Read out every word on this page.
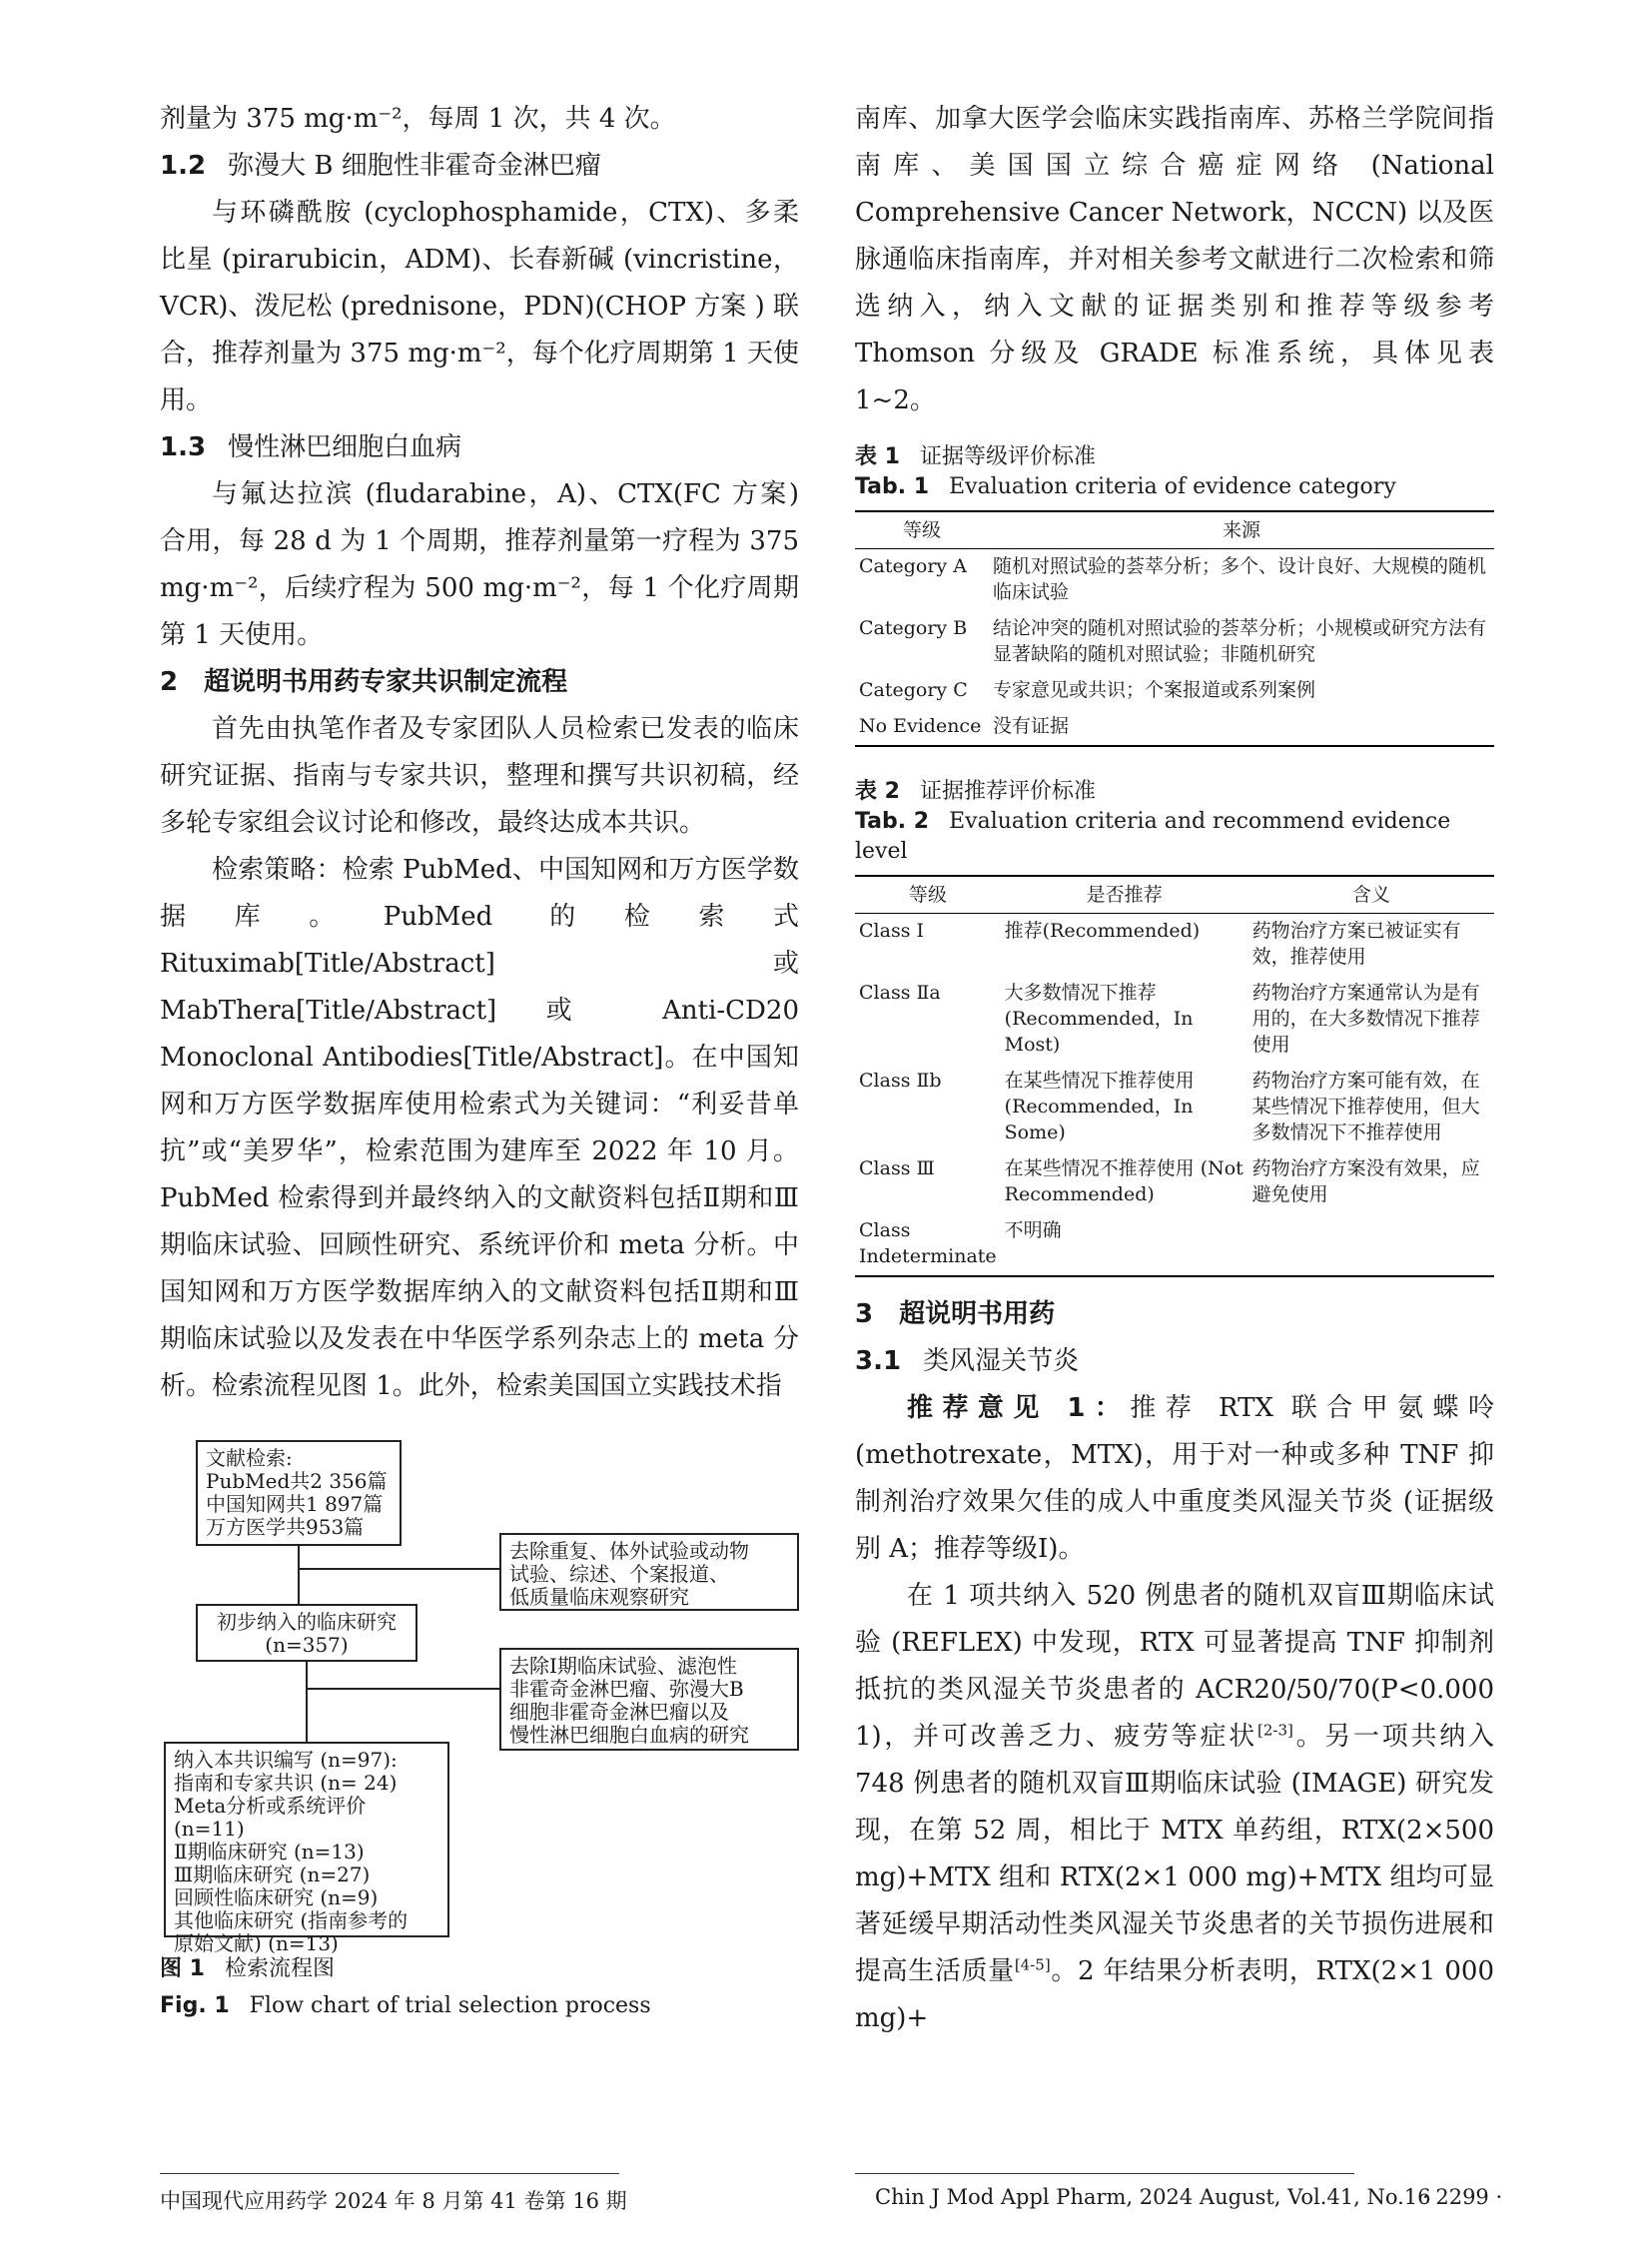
剂量为 375 mg·m⁻²，每周 1 次，共 4 次。

1.2 弥漫大 B 细胞性非霍奇金淋巴瘤

与环磷酰胺 (cyclophosphamide，CTX)、多柔比星 (pirarubicin，ADM)、长春新碱 (vincristine，VCR)、泼尼松 (prednisone，PDN)(CHOP 方案 ) 联合，推荐剂量为 375 mg·m⁻²，每个化疗周期第 1 天使用。

1.3 慢性淋巴细胞白血病

与氟达拉滨 (fludarabine，A)、CTX(FC 方案) 合用，每 28 d 为 1 个周期，推荐剂量第一疗程为 375 mg·m⁻²，后续疗程为 500 mg·m⁻²，每 1 个化疗周期第 1 天使用。

2　超说明书用药专家共识制定流程

首先由执笔作者及专家团队人员检索已发表的临床研究证据、指南与专家共识，整理和撰写共识初稿，经多轮专家组会议讨论和修改，最终达成本共识。

检索策略：检索 PubMed、中国知网和万方医学数据库。PubMed 的检索式 Rituximab[Title/Abstract] 或 MabThera[Title/Abstract] 或 Anti-CD20 Monoclonal Antibodies[Title/Abstract]。在中国知网和万方医学数据库使用检索式为关键词：“利妥昔单抗”或“美罗华”，检索范围为建库至 2022 年 10 月。PubMed 检索得到并最终纳入的文献资料包括Ⅱ期和Ⅲ期临床试验、回顾性研究、系统评价和 meta 分析。中国知网和万方医学数据库纳入的文献资料包括Ⅱ期和Ⅲ期临床试验以及发表在中华医学系列杂志上的 meta 分析。检索流程见图 1。此外，检索美国国立实践技术指

文献检索:
PubMed共2 356篇
中国知网共1 897篇
万方医学共953篇
去除重复、体外试验或动物
试验、综述、个案报道、
低质量临床观察研究
初步纳入的临床研究
(n=357)
去除Ⅰ期临床试验、滤泡性
非霍奇金淋巴瘤、弥漫大B
细胞非霍奇金淋巴瘤以及
慢性淋巴细胞白血病的研究
纳入本共识编写 (n=97):
指南和专家共识 (n= 24)
Meta分析或系统评价 (n=11)
Ⅱ期临床研究 (n=13)
Ⅲ期临床研究 (n=27)
回顾性临床研究 (n=9)
其他临床研究 (指南参考的
原始文献) (n=13)

图 1 检索流程图

Fig. 1 Flow chart of trial selection process

南库、加拿大医学会临床实践指南库、苏格兰学院间指南库、美国国立综合癌症网络 (National Comprehensive Cancer Network，NCCN) 以及医脉通临床指南库，并对相关参考文献进行二次检索和筛选纳入，纳入文献的证据类别和推荐等级参考 Thomson 分级及 GRADE 标准系统，具体见表 1~2。

表 1 证据等级评价标准

Tab. 1 Evaluation criteria of evidence category

等级	来源
Category A	随机对照试验的荟萃分析；多个、设计良好、大规模的随机临床试验
Category B	结论冲突的随机对照试验的荟萃分析；小规模或研究方法有显著缺陷的随机对照试验；非随机研究
Category C	专家意见或共识；个案报道或系列案例
No Evidence	没有证据

表 2 证据推荐评价标准

Tab. 2 Evaluation criteria and recommend evidence level

等级	是否推荐	含义
Class Ⅰ	推荐(Recommended)	药物治疗方案已被证实有效，推荐使用
Class Ⅱa	大多数情况下推荐 (Recommended，In Most)	药物治疗方案通常认为是有用的，在大多数情况下推荐使用
Class Ⅱb	在某些情况下推荐使用 (Recommended，In Some)	药物治疗方案可能有效，在某些情况下推荐使用，但大多数情况下不推荐使用
Class Ⅲ	在某些情况不推荐使用 (Not Recommended)	药物治疗方案没有效果，应避免使用
Class Indeterminate	不明确	

3　超说明书用药

3.1 类风湿关节炎

推荐意见 1：推荐 RTX 联合甲氨蝶呤 (methotrexate，MTX)，用于对一种或多种 TNF 抑制剂治疗效果欠佳的成人中重度类风湿关节炎 (证据级别 A；推荐等级Ⅰ)。

在 1 项共纳入 520 例患者的随机双盲Ⅲ期临床试验 (REFLEX) 中发现，RTX 可显著提高 TNF 抑制剂抵抗的类风湿关节炎患者的 ACR20/50/70(P<0.000 1)，并可改善乏力、疲劳等症状[2-3]。另一项共纳入 748 例患者的随机双盲Ⅲ期临床试验 (IMAGE) 研究发现，在第 52 周，相比于 MTX 单药组，RTX(2×500 mg)+MTX 组和 RTX(2×1 000 mg)+MTX 组均可显著延缓早期活动性类风湿关节炎患者的关节损伤进展和提高生活质量[4-5]。2 年结果分析表明，RTX(2×1 000 mg)+

中国现代应用药学 2024 年 8 月第 41 卷第 16 期	Chin J Mod Appl Pharm, 2024 August, Vol.41, No.16
· 2299 ·
